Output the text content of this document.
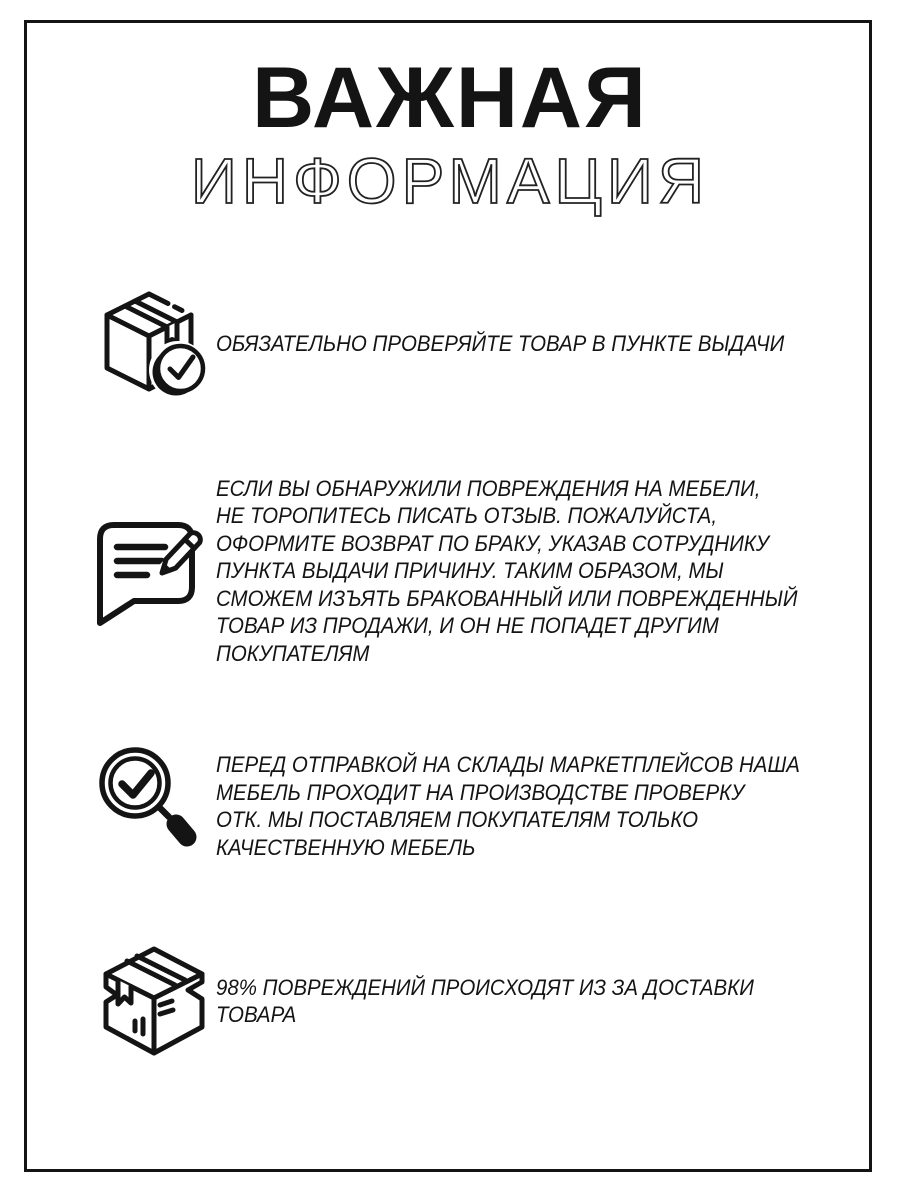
ВАЖНАЯ
ИНФОРМАЦИЯ
ОБЯЗАТЕЛЬНО ПРОВЕРЯЙТЕ ТОВАР В ПУНКТЕ ВЫДАЧИ
ЕСЛИ ВЫ ОБНАРУЖИЛИ ПОВРЕЖДЕНИЯ НА МЕБЕЛИ,
НЕ ТОРОПИТЕСЬ ПИСАТЬ ОТЗЫВ. ПОЖАЛУЙСТА,
ОФОРМИТЕ ВОЗВРАТ ПО БРАКУ, УКАЗАВ СОТРУДНИКУ
ПУНКТА ВЫДАЧИ ПРИЧИНУ. ТАКИМ ОБРАЗОМ, МЫ
СМОЖЕМ ИЗЪЯТЬ БРАКОВАННЫЙ ИЛИ ПОВРЕЖДЕННЫЙ
ТОВАР ИЗ ПРОДАЖИ, И ОН НЕ ПОПАДЕТ ДРУГИМ
ПОКУПАТЕЛЯМ
ПЕРЕД ОТПРАВКОЙ НА СКЛАДЫ МАРКЕТПЛЕЙСОВ НАША
МЕБЕЛЬ ПРОХОДИТ НА ПРОИЗВОДСТВЕ ПРОВЕРКУ
ОТК. МЫ ПОСТАВЛЯЕМ ПОКУПАТЕЛЯМ ТОЛЬКО
КАЧЕСТВЕННУЮ МЕБЕЛЬ
98% ПОВРЕЖДЕНИЙ ПРОИСХОДЯТ ИЗ ЗА ДОСТАВКИ
ТОВАРА
